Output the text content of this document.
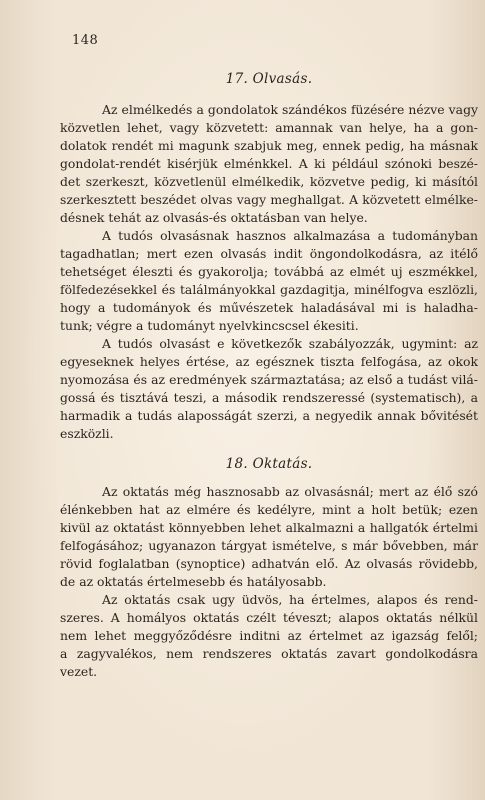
148
17. Olvasás.
Az elmélkedés a gondolatok szándékos füzésére nézve vagy
közvetlen lehet, vagy közvetett: amannak van helye, ha a gon-
dolatok rendét mi magunk szabjuk meg, ennek pedig, ha másnak
gondolat-rendét kisérjük elménkkel. A ki például szónoki beszé-
det szerkeszt, közvetlenül elmélkedik, közvetve pedig, ki másítól
szerkesztett beszédet olvas vagy meghallgat. A közvetett elmélke-
désnek tehát az olvasás-és oktatásban van helye.
A tudós olvasásnak hasznos alkalmazása a tudományban
tagadhatlan; mert ezen olvasás indit öngondolkodásra, az itélő
tehetséget éleszti és gyakorolja; továbbá az elmét uj eszmékkel,
fölfedezésekkel és találmányokkal gazdagitja, minélfogva eszlözli,
hogy a tudományok és művészetek haladásával mi is haladha-
tunk; végre a tudományt nyelvkincscsel ékesiti.
A tudós olvasást e következők szabályozzák, ugymint: az
egyeseknek helyes értése, az egésznek tiszta felfogása, az okok
nyomozása és az eredmények származtatása; az első a tudást vilá-
gossá és tisztává teszi, a második rendszeressé (systematisch), a
harmadik a tudás alaposságát szerzi, a negyedik annak bővitését
eszközli.
18. Oktatás.
Az oktatás még hasznosabb az olvasásnál; mert az élő szó
élénkebben hat az elmére és kedélyre, mint a holt betük; ezen
kivül az oktatást könnyebben lehet alkalmazni a hallgatók értelmi
felfogásához; ugyanazon tárgyat ismételve, s már bővebben, már
rövid foglalatban (synoptice) adhatván elő. Az olvasás rövidebb,
de az oktatás értelmesebb és hatályosabb.
Az oktatás csak ugy üdvös, ha értelmes, alapos és rend-
szeres. A homályos oktatás czélt téveszt; alapos oktatás nélkül
nem lehet meggyőződésre inditni az értelmet az igazság felől;
a zagyvalékos, nem rendszeres oktatás zavart gondolkodásra
vezet.
